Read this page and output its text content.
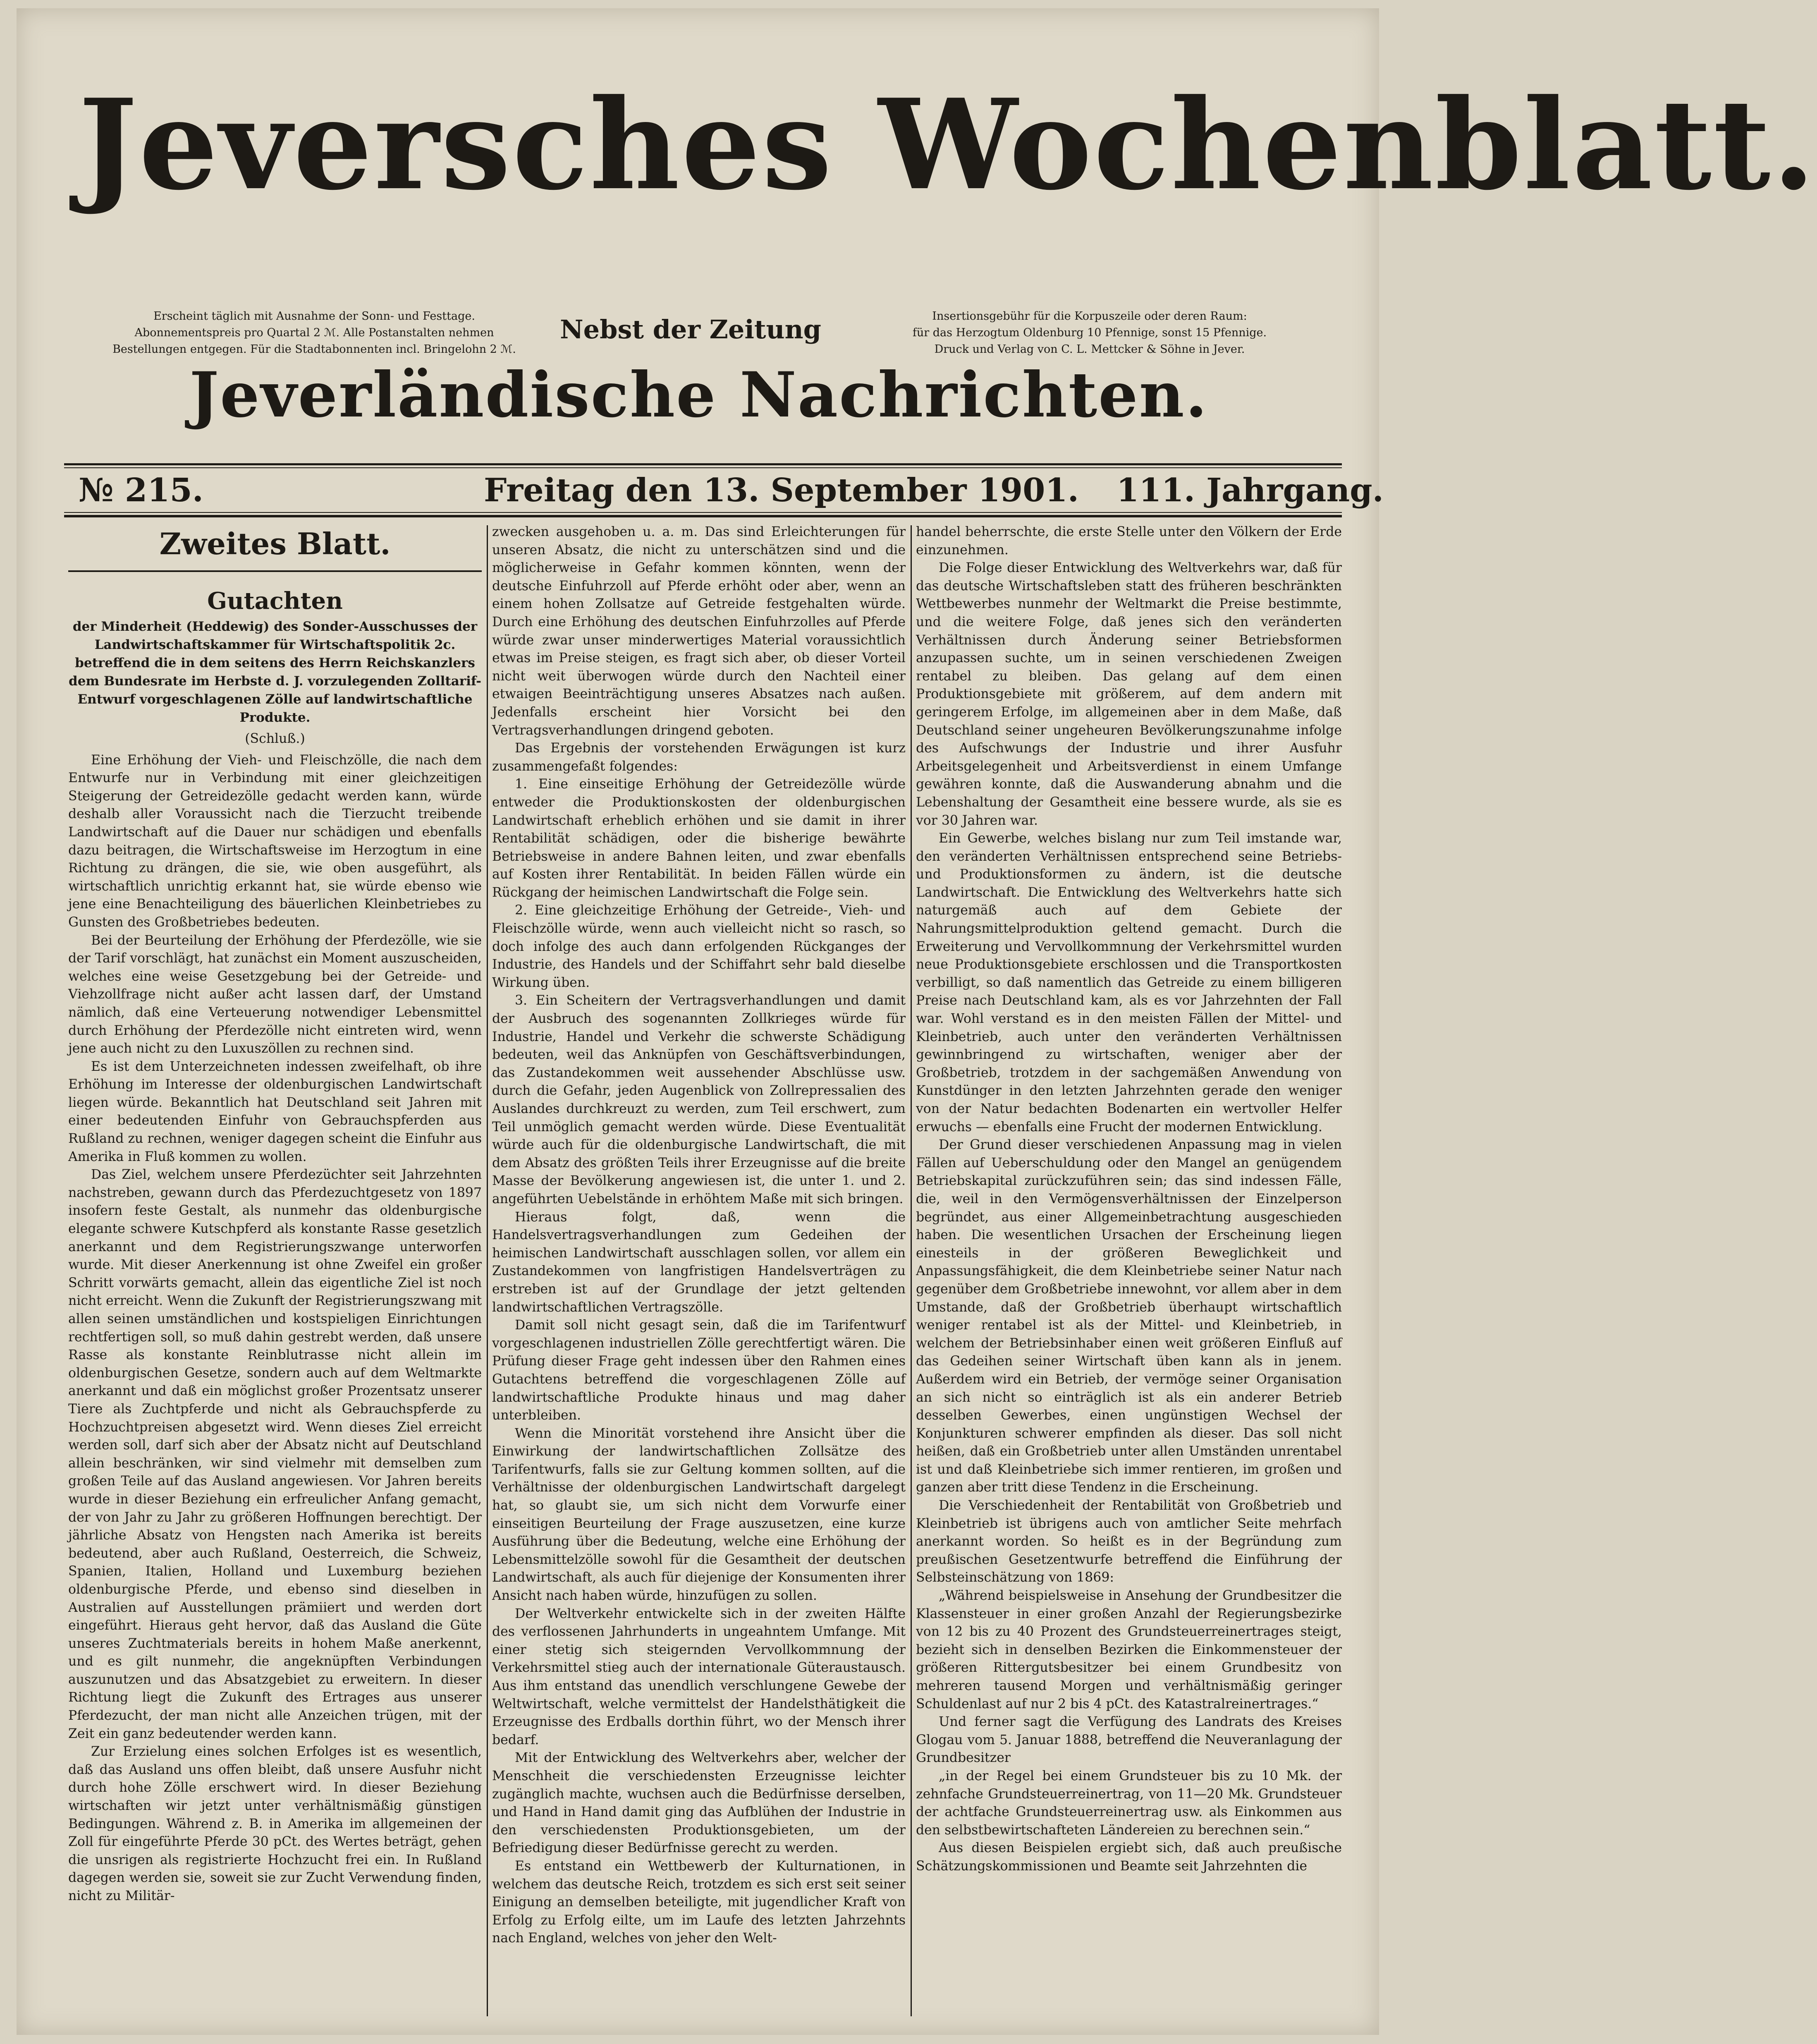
Jeversches Wochenblatt.
Erscheint täglich mit Ausnahme der Sonn- und Festtage.
Abonnementspreis pro Quartal 2 ℳ. Alle Postanstalten nehmen
Bestellungen entgegen. Für die Stadtabonnenten incl. Bringelohn 2 ℳ.
Nebst der Zeitung	Insertionsgebühr für die Korpuszeile oder deren Raum:
für das Herzogtum Oldenburg 10 Pfennige, sonst 15 Pfennige.
Druck und Verlag von C. L. Mettcker & Söhne in Jever.
Jeverländische Nachrichten.
№ 215.	Freitag den 13. September 1901. 111. Jahrgang.
Zweites Blatt.
Gutachten
der Minderheit (Heddewig) des Sonder-Ausschusses der Landwirtschaftskammer für Wirtschaftspolitik 2c. betreffend die in dem seitens des Herrn Reichskanzlers dem Bundesrate im Herbste d. J. vorzulegenden Zolltarif-Entwurf vorgeschlagenen Zölle auf landwirtschaftliche Produkte.
(Schluß.)

Eine Erhöhung der Vieh- und Fleischzölle, die nach dem Entwurfe nur in Verbindung mit einer gleichzeitigen Steigerung der Getreidezölle gedacht werden kann, würde deshalb aller Voraussicht nach die Tierzucht treibende Landwirtschaft auf die Dauer nur schädigen und ebenfalls dazu beitragen, die Wirtschaftsweise im Herzogtum in eine Richtung zu drängen, die sie, wie oben ausgeführt, als wirtschaftlich unrichtig erkannt hat, sie würde ebenso wie jene eine Benachteiligung des bäuerlichen Kleinbetriebes zu Gunsten des Großbetriebes bedeuten.

Bei der Beurteilung der Erhöhung der Pferdezölle, wie sie der Tarif vorschlägt, hat zunächst ein Moment auszuscheiden, welches eine weise Gesetzgebung bei der Getreide- und Viehzollfrage nicht außer acht lassen darf, der Umstand nämlich, daß eine Verteuerung notwendiger Lebensmittel durch Erhöhung der Pferdezölle nicht eintreten wird, wenn jene auch nicht zu den Luxuszöllen zu rechnen sind.

Es ist dem Unterzeichneten indessen zweifelhaft, ob ihre Erhöhung im Interesse der oldenburgischen Landwirtschaft liegen würde. Bekanntlich hat Deutschland seit Jahren mit einer bedeutenden Einfuhr von Gebrauchspferden aus Rußland zu rechnen, weniger dagegen scheint die Einfuhr aus Amerika in Fluß kommen zu wollen.

Das Ziel, welchem unsere Pferdezüchter seit Jahrzehnten nachstreben, gewann durch das Pferdezuchtgesetz von 1897 insofern feste Gestalt, als nunmehr das oldenburgische elegante schwere Kutschpferd als konstante Rasse gesetzlich anerkannt und dem Registrierungszwange unterworfen wurde. Mit dieser Anerkennung ist ohne Zweifel ein großer Schritt vorwärts gemacht, allein das eigentliche Ziel ist noch nicht erreicht. Wenn die Zukunft der Registrierungszwang mit allen seinen umständlichen und kostspieligen Einrichtungen rechtfertigen soll, so muß dahin gestrebt werden, daß unsere Rasse als konstante Reinblutrasse nicht allein im oldenburgischen Gesetze, sondern auch auf dem Weltmarkte anerkannt und daß ein möglichst großer Prozentsatz unserer Tiere als Zuchtpferde und nicht als Gebrauchspferde zu Hochzuchtpreisen abgesetzt wird. Wenn dieses Ziel erreicht werden soll, darf sich aber der Absatz nicht auf Deutschland allein beschränken, wir sind vielmehr mit demselben zum großen Teile auf das Ausland angewiesen. Vor Jahren bereits wurde in dieser Beziehung ein erfreulicher Anfang gemacht, der von Jahr zu Jahr zu größeren Hoffnungen berechtigt. Der jährliche Absatz von Hengsten nach Amerika ist bereits bedeutend, aber auch Rußland, Oesterreich, die Schweiz, Spanien, Italien, Holland und Luxemburg beziehen oldenburgische Pferde, und ebenso sind dieselben in Australien auf Ausstellungen prämiiert und werden dort eingeführt. Hieraus geht hervor, daß das Ausland die Güte unseres Zuchtmaterials bereits in hohem Maße anerkennt, und es gilt nunmehr, die angeknüpften Verbindungen auszunutzen und das Absatzgebiet zu erweitern. In dieser Richtung liegt die Zukunft des Ertrages aus unserer Pferdezucht, der man nicht alle Anzeichen trügen, mit der Zeit ein ganz bedeutender werden kann.

Zur Erzielung eines solchen Erfolges ist es wesentlich, daß das Ausland uns offen bleibt, daß unsere Ausfuhr nicht durch hohe Zölle erschwert wird. In dieser Beziehung wirtschaften wir jetzt unter verhältnismäßig günstigen Bedingungen. Während z. B. in Amerika im allgemeinen der Zoll für eingeführte Pferde 30 pCt. des Wertes beträgt, gehen die unsrigen als registrierte Hochzucht frei ein. In Rußland dagegen werden sie, soweit sie zur Zucht Verwendung finden, nicht zu Militär-

zwecken ausgehoben u. a. m. Das sind Erleichterungen für unseren Absatz, die nicht zu unterschätzen sind und die möglicherweise in Gefahr kommen könnten, wenn der deutsche Einfuhrzoll auf Pferde erhöht oder aber, wenn an einem hohen Zollsatze auf Getreide festgehalten würde. Durch eine Erhöhung des deutschen Einfuhrzolles auf Pferde würde zwar unser minderwertiges Material voraussichtlich etwas im Preise steigen, es fragt sich aber, ob dieser Vorteil nicht weit überwogen würde durch den Nachteil einer etwaigen Beeinträchtigung unseres Absatzes nach außen. Jedenfalls erscheint hier Vorsicht bei den Vertragsverhandlungen dringend geboten.

Das Ergebnis der vorstehenden Erwägungen ist kurz zusammengefaßt folgendes:

1. Eine einseitige Erhöhung der Getreidezölle würde entweder die Produktionskosten der oldenburgischen Landwirtschaft erheblich erhöhen und sie damit in ihrer Rentabilität schädigen, oder die bisherige bewährte Betriebsweise in andere Bahnen leiten, und zwar ebenfalls auf Kosten ihrer Rentabilität. In beiden Fällen würde ein Rückgang der heimischen Landwirtschaft die Folge sein.

2. Eine gleichzeitige Erhöhung der Getreide-, Vieh- und Fleischzölle würde, wenn auch vielleicht nicht so rasch, so doch infolge des auch dann erfolgenden Rückganges der Industrie, des Handels und der Schiffahrt sehr bald dieselbe Wirkung üben.

3. Ein Scheitern der Vertragsverhandlungen und damit der Ausbruch des sogenannten Zollkrieges würde für Industrie, Handel und Verkehr die schwerste Schädigung bedeuten, weil das Anknüpfen von Geschäftsverbindungen, das Zustandekommen weit aussehender Abschlüsse usw. durch die Gefahr, jeden Augenblick von Zollrepressalien des Auslandes durchkreuzt zu werden, zum Teil erschwert, zum Teil unmöglich gemacht werden würde. Diese Eventualität würde auch für die oldenburgische Landwirtschaft, die mit dem Absatz des größten Teils ihrer Erzeugnisse auf die breite Masse der Bevölkerung angewiesen ist, die unter 1. und 2. angeführten Uebelstände in erhöhtem Maße mit sich bringen.

Hieraus folgt, daß, wenn die Handelsvertragsverhandlungen zum Gedeihen der heimischen Landwirtschaft ausschlagen sollen, vor allem ein Zustandekommen von langfristigen Handelsverträgen zu erstreben ist auf der Grundlage der jetzt geltenden landwirtschaftlichen Vertragszölle.

Damit soll nicht gesagt sein, daß die im Tarifentwurf vorgeschlagenen industriellen Zölle gerechtfertigt wären. Die Prüfung dieser Frage geht indessen über den Rahmen eines Gutachtens betreffend die vorgeschlagenen Zölle auf landwirtschaftliche Produkte hinaus und mag daher unterbleiben.

Wenn die Minorität vorstehend ihre Ansicht über die Einwirkung der landwirtschaftlichen Zollsätze des Tarifentwurfs, falls sie zur Geltung kommen sollten, auf die Verhältnisse der oldenburgischen Landwirtschaft dargelegt hat, so glaubt sie, um sich nicht dem Vorwurfe einer einseitigen Beurteilung der Frage auszusetzen, eine kurze Ausführung über die Bedeutung, welche eine Erhöhung der Lebensmittelzölle sowohl für die Gesamtheit der deutschen Landwirtschaft, als auch für diejenige der Konsumenten ihrer Ansicht nach haben würde, hinzufügen zu sollen.

Der Weltverkehr entwickelte sich in der zweiten Hälfte des verflossenen Jahrhunderts in ungeahntem Umfange. Mit einer stetig sich steigernden Vervollkommnung der Verkehrsmittel stieg auch der internationale Güteraustausch. Aus ihm entstand das unendlich verschlungene Gewebe der Weltwirtschaft, welche vermittelst der Handelsthätigkeit die Erzeugnisse des Erdballs dorthin führt, wo der Mensch ihrer bedarf.

Mit der Entwicklung des Weltverkehrs aber, welcher der Menschheit die verschiedensten Erzeugnisse leichter zugänglich machte, wuchsen auch die Bedürfnisse derselben, und Hand in Hand damit ging das Aufblühen der Industrie in den verschiedensten Produktionsgebieten, um der Befriedigung dieser Bedürfnisse gerecht zu werden.

Es entstand ein Wettbewerb der Kulturnationen, in welchem das deutsche Reich, trotzdem es sich erst seit seiner Einigung an demselben beteiligte, mit jugendlicher Kraft von Erfolg zu Erfolg eilte, um im Laufe des letzten Jahrzehnts nach England, welches von jeher den Welt-

handel beherrschte, die erste Stelle unter den Völkern der Erde einzunehmen.

Die Folge dieser Entwicklung des Weltverkehrs war, daß für das deutsche Wirtschaftsleben statt des früheren beschränkten Wettbewerbes nunmehr der Weltmarkt die Preise bestimmte, und die weitere Folge, daß jenes sich den veränderten Verhältnissen durch Änderung seiner Betriebsformen anzupassen suchte, um in seinen verschiedenen Zweigen rentabel zu bleiben. Das gelang auf dem einen Produktionsgebiete mit größerem, auf dem andern mit geringerem Erfolge, im allgemeinen aber in dem Maße, daß Deutschland seiner ungeheuren Bevölkerungszunahme infolge des Aufschwungs der Industrie und ihrer Ausfuhr Arbeitsgelegenheit und Arbeitsverdienst in einem Umfange gewähren konnte, daß die Auswanderung abnahm und die Lebenshaltung der Gesamtheit eine bessere wurde, als sie es vor 30 Jahren war.

Ein Gewerbe, welches bislang nur zum Teil imstande war, den veränderten Verhältnissen entsprechend seine Betriebs- und Produktionsformen zu ändern, ist die deutsche Landwirtschaft. Die Entwicklung des Weltverkehrs hatte sich naturgemäß auch auf dem Gebiete der Nahrungsmittelproduktion geltend gemacht. Durch die Erweiterung und Vervollkommnung der Verkehrsmittel wurden neue Produktionsgebiete erschlossen und die Transportkosten verbilligt, so daß namentlich das Getreide zu einem billigeren Preise nach Deutschland kam, als es vor Jahrzehnten der Fall war. Wohl verstand es in den meisten Fällen der Mittel- und Kleinbetrieb, auch unter den veränderten Verhältnissen gewinnbringend zu wirtschaften, weniger aber der Großbetrieb, trotzdem in der sachgemäßen Anwendung von Kunstdünger in den letzten Jahrzehnten gerade den weniger von der Natur bedachten Bodenarten ein wertvoller Helfer erwuchs — ebenfalls eine Frucht der modernen Entwicklung.

Der Grund dieser verschiedenen Anpassung mag in vielen Fällen auf Ueberschuldung oder den Mangel an genügendem Betriebskapital zurückzuführen sein; das sind indessen Fälle, die, weil in den Vermögensverhältnissen der Einzelperson begründet, aus einer Allgemeinbetrachtung ausgeschieden haben. Die wesentlichen Ursachen der Erscheinung liegen einesteils in der größeren Beweglichkeit und Anpassungsfähigkeit, die dem Kleinbetriebe seiner Natur nach gegenüber dem Großbetriebe innewohnt, vor allem aber in dem Umstande, daß der Großbetrieb überhaupt wirtschaftlich weniger rentabel ist als der Mittel- und Kleinbetrieb, in welchem der Betriebsinhaber einen weit größeren Einfluß auf das Gedeihen seiner Wirtschaft üben kann als in jenem. Außerdem wird ein Betrieb, der vermöge seiner Organisation an sich nicht so einträglich ist als ein anderer Betrieb desselben Gewerbes, einen ungünstigen Wechsel der Konjunkturen schwerer empfinden als dieser. Das soll nicht heißen, daß ein Großbetrieb unter allen Umständen unrentabel ist und daß Kleinbetriebe sich immer rentieren, im großen und ganzen aber tritt diese Tendenz in die Erscheinung.

Die Verschiedenheit der Rentabilität von Großbetrieb und Kleinbetrieb ist übrigens auch von amtlicher Seite mehrfach anerkannt worden. So heißt es in der Begründung zum preußischen Gesetzentwurfe betreffend die Einführung der Selbsteinschätzung von 1869:

„Während beispielsweise in Ansehung der Grundbesitzer die Klassensteuer in einer großen Anzahl der Regierungsbezirke von 12 bis zu 40 Prozent des Grundsteuerreinertrages steigt, bezieht sich in denselben Bezirken die Einkommensteuer der größeren Rittergutsbesitzer bei einem Grundbesitz von mehreren tausend Morgen und verhältnismäßig geringer Schuldenlast auf nur 2 bis 4 pCt. des Katastralreinertrages.“

Und ferner sagt die Verfügung des Landrats des Kreises Glogau vom 5. Januar 1888, betreffend die Neuveranlagung der Grundbesitzer

„in der Regel bei einem Grundsteuer bis zu 10 Mk. der zehnfache Grundsteuerreinertrag, von 11—20 Mk. Grundsteuer der achtfache Grundsteuerreinertrag usw. als Einkommen aus den selbstbewirtschafteten Ländereien zu berechnen sein.“

Aus diesen Beispielen ergiebt sich, daß auch preußische Schätzungskommissionen und Beamte seit Jahrzehnten die
